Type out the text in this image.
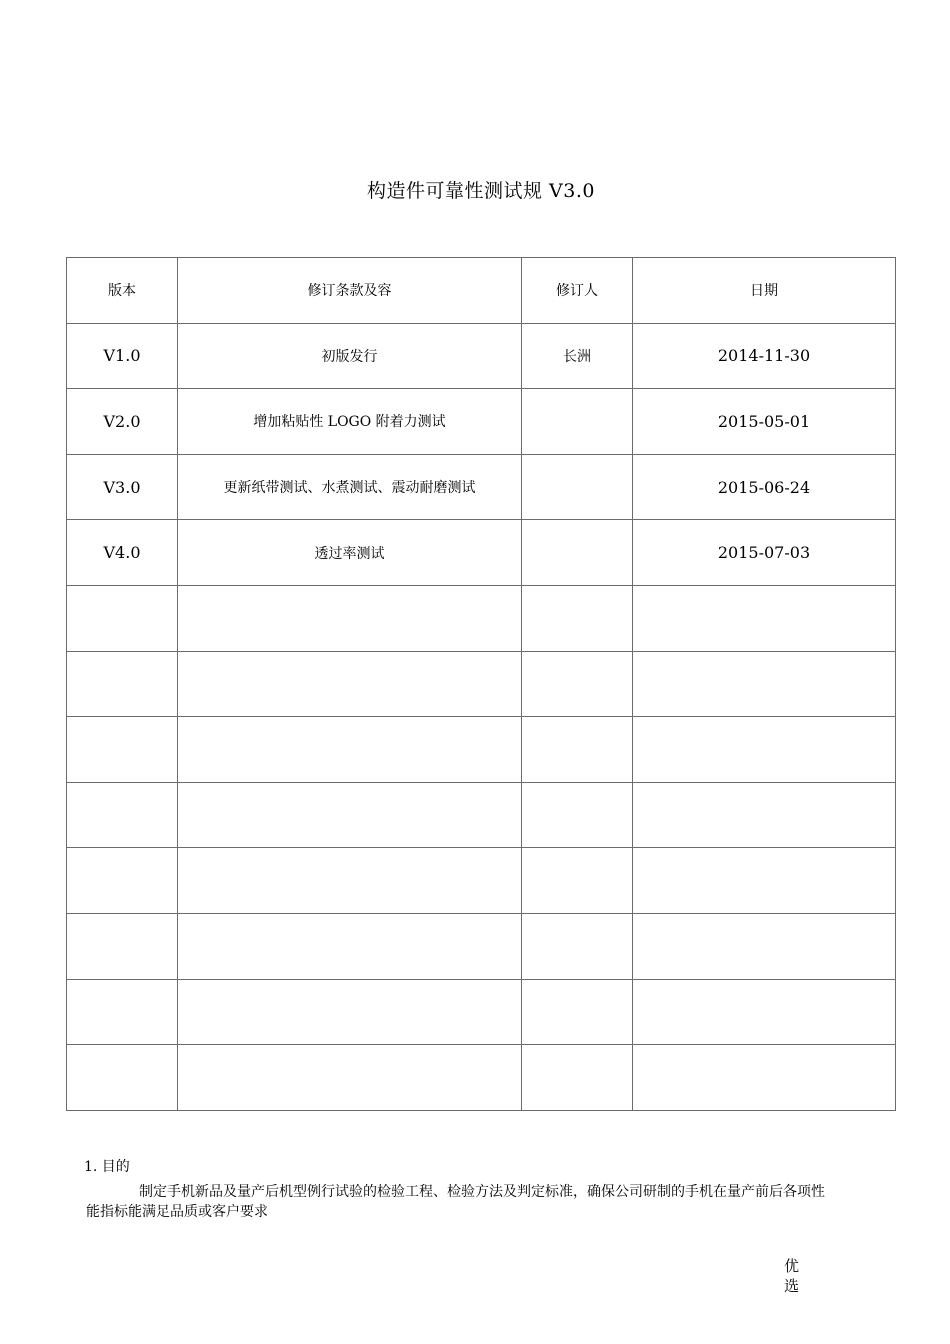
构造件可靠性测试规 V3.0
版本	修订条款及容	修订人	日期
V1.0	初版发行	长洲	2014-11-30
V2.0	增加粘贴性 LOGO 附着力测试		2015-05-01
V3.0	更新纸带测试、水煮测试、震动耐磨测试		2015-06-24
V4.0	透过率测试		2015-07-03

1. 目的
制定手机新品及量产后机型例行试验的检验工程、检验方法及判定标准，确保公司研制的手机在量产前后各项性能指标能满足品质或客户要求
优选
